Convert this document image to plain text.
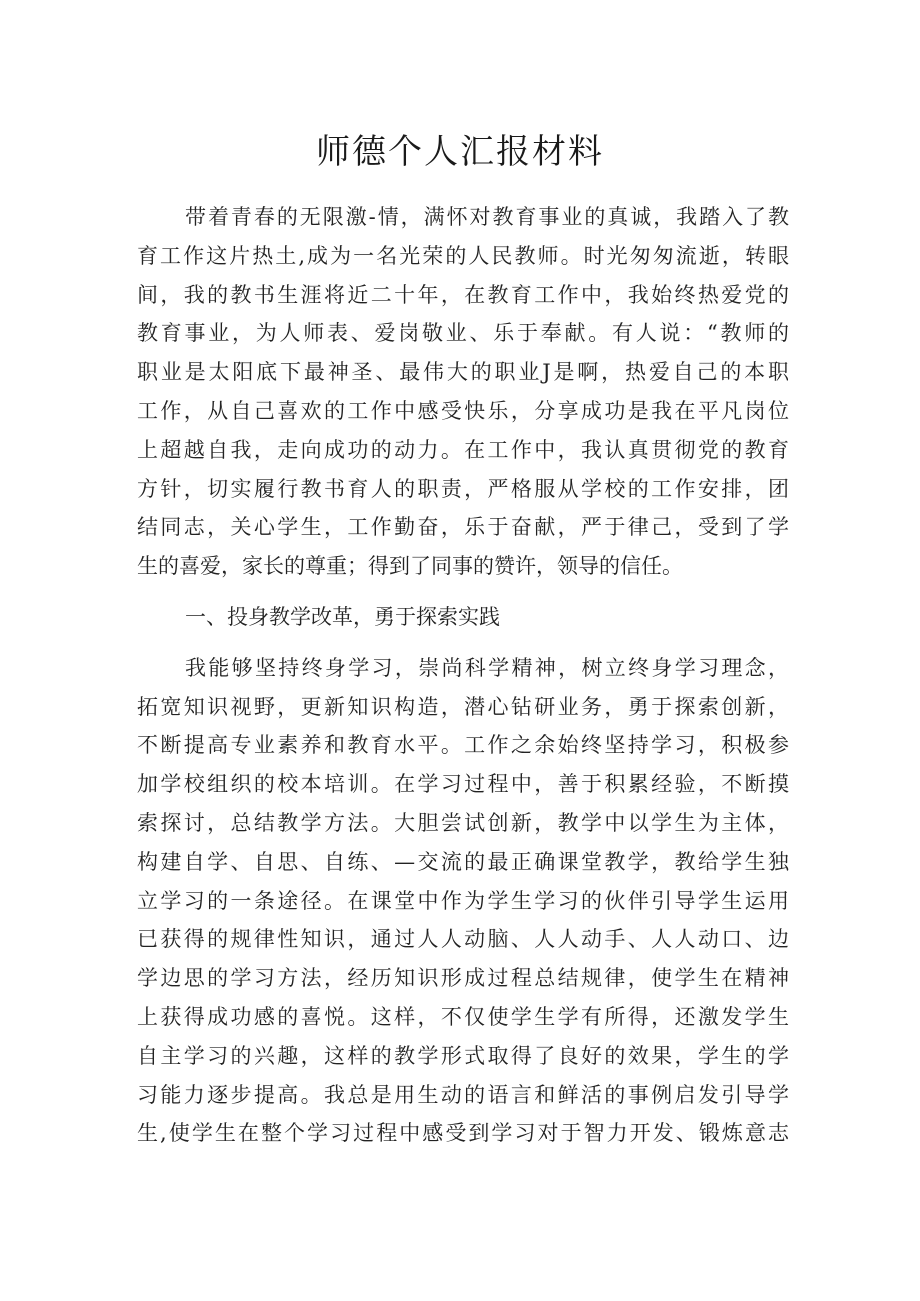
师德个人汇报材料
带着青春的无限激-情，满怀对教育事业的真诚，我踏入了教
育工作这片热土,成为一名光荣的人民教师。时光匆匆流逝，转眼
间，我的教书生涯将近二十年，在教育工作中，我始终热爱党的
教育事业，为人师表、爱岗敬业、乐于奉献。有人说：“教师的
职业是太阳底下最神圣、最伟大的职业J是啊，热爱自己的本职
工作，从自己喜欢的工作中感受快乐，分享成功是我在平凡岗位
上超越自我，走向成功的动力。在工作中，我认真贯彻党的教育
方针，切实履行教书育人的职责，严格服从学校的工作安排，团
结同志，关心学生，工作勤奋，乐于奋献，严于律己，受到了学
生的喜爱，家长的尊重；得到了同事的赞许，领导的信任。
一、投身教学改革，勇于探索实践
我能够坚持终身学习，崇尚科学精神，树立终身学习理念，
拓宽知识视野，更新知识构造，潜心钻研业务，勇于探索创新，
不断提高专业素养和教育水平。工作之余始终坚持学习，积极参
加学校组织的校本培训。在学习过程中，善于积累经验，不断摸
索探讨，总结教学方法。大胆尝试创新，教学中以学生为主体，
构建自学、自思、自练、—交流的最正确课堂教学，教给学生独
立学习的一条途径。在课堂中作为学生学习的伙伴引导学生运用
已获得的规律性知识，通过人人动脑、人人动手、人人动口、边
学边思的学习方法，经历知识形成过程总结规律，使学生在精神
上获得成功感的喜悦。这样，不仅使学生学有所得，还激发学生
自主学习的兴趣，这样的教学形式取得了良好的效果，学生的学
习能力逐步提高。我总是用生动的语言和鲜活的事例启发引导学
生,使学生在整个学习过程中感受到学习对于智力开发、锻炼意志
